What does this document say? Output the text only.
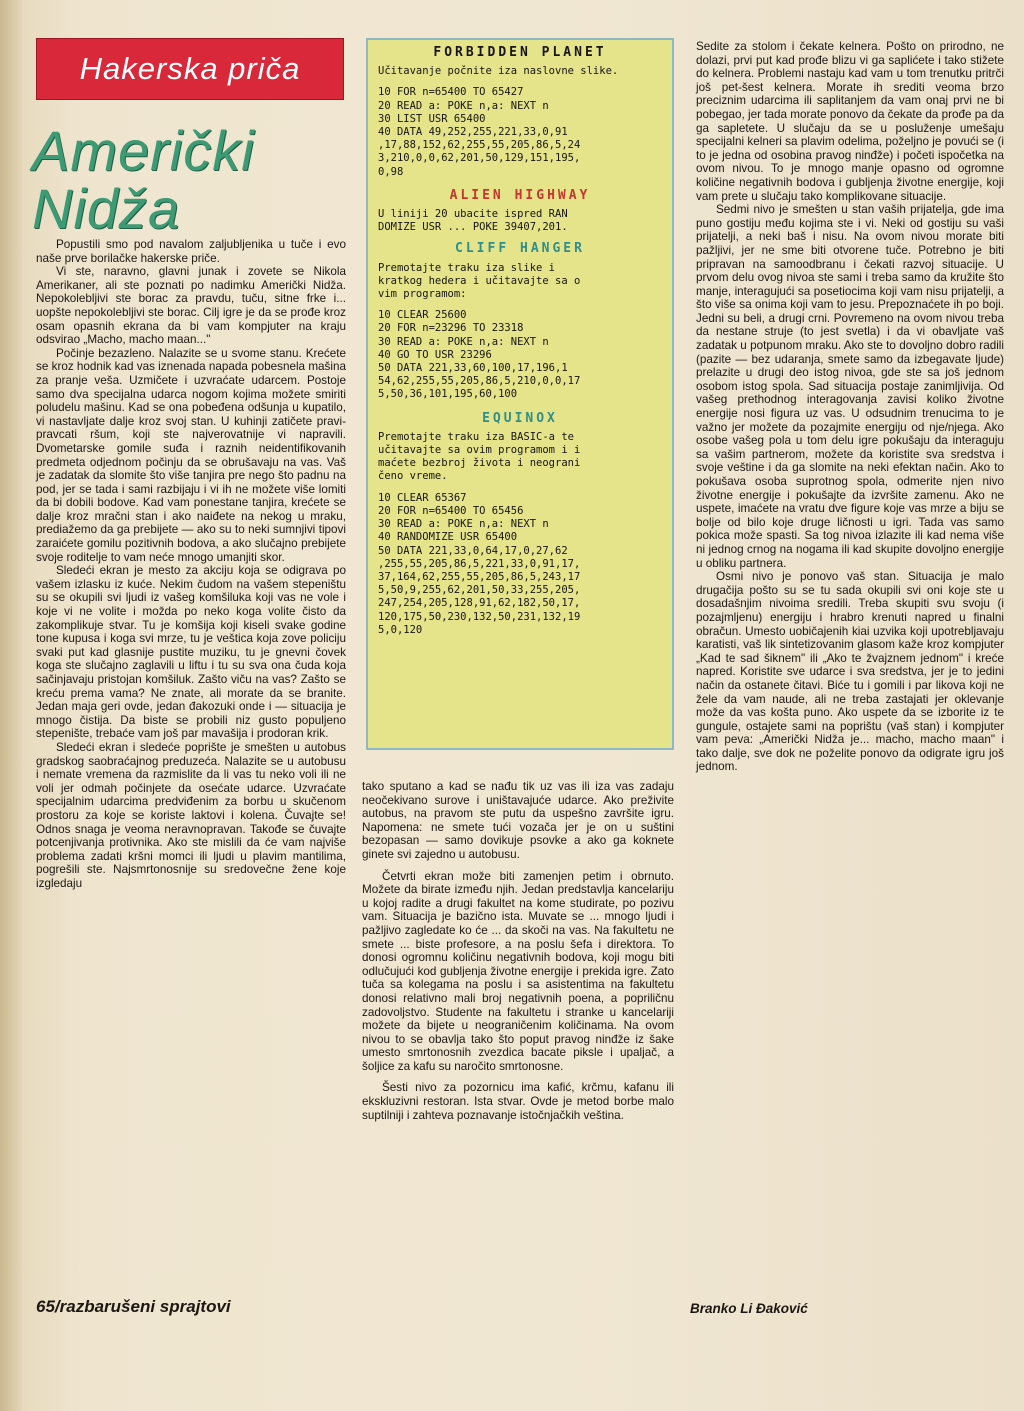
Hakerska priča
Američki
Nidža

Popustili smo pod navalom zaljubljenika u tuče i evo naše prve borilačke hakerske priče.

Vi ste, naravno, glavni junak i zovete se Nikola Amerikaner, ali ste poznati po nadimku Američki Nidža. Nepokolebljivi ste borac za pravdu, tuču, sitne frke i... uopšte nepokolebljivi ste borac. Cilj igre je da se prođe kroz osam opasnih ekrana da bi vam kompjuter na kraju odsvirao „Macho, macho maan..."

Počinje bezazleno. Nalazite se u svome stanu. Krećete se kroz hodnik kad vas iznenada napada pobesnela mašina za pranje veša. Uzmičete i uzvraćate udarcem. Postoje samo dva specijalna udarca nogom kojima možete smiriti poludelu mašinu. Kad se ona pobeđena odšunja u kupatilo, vi nastavljate dalje kroz svoj stan. U kuhinji zatičete pravi-pravcati ršum, koji ste najverovatnije vi napravili. Dvometarske gomile suđa i raznih neidentifikovanih predmeta odjednom počinju da se obrušavaju na vas. Vaš je zadatak da slomite što više tanjira pre nego što padnu na pod, jer se tada i sami razbijaju i vi ih ne možete više lomiti da bi dobili bodove. Kad vam ponestane tanjira, krećete se dalje kroz mračni stan i ako naiđete na nekog u mraku, prediažemo da ga prebijete — ako su to neki sumnjivi tipovi zaraićete gomilu pozitivnih bodova, a ako slučajno prebijete svoje roditelje to vam neće mnogo umanjiti skor.

Sledeći ekran je mesto za akciju koja se odigrava po vašem izlasku iz kuće. Nekim čudom na vašem stepeništu su se okupili svi ljudi iz vašeg komšiluka koji vas ne vole i koje vi ne volite i možda po neko koga volite čisto da zakomplikuje stvar. Tu je komšija koji kiseli svake godine tone kupusa i koga svi mrze, tu je veštica koja zove policiju svaki put kad glasnije pustite muziku, tu je gnevni čovek koga ste slučajno zaglavili u liftu i tu su sva ona čuda koja sačinjavaju pristojan komšiluk. Zašto viču na vas? Zašto se kreću prema vama? Ne znate, ali morate da se branite. Jedan maja geri ovde, jedan đakozuki onde i — situacija je mnogo čistija. Da biste se probili niz gusto populjeno stepenište, trebaće vam još par mavašija i prodoran krik.

Sledeći ekran i sledeće poprište je smešten u autobus gradskog saobraćajnog preduzeća. Nalazite se u autobusu i nemate vremena da razmislite da li vas tu neko voli ili ne voli jer odmah počinjete da osećate udarce. Uzvraćate specijalnim udarcima predviđenim za borbu u skučenom prostoru za koje se koriste laktovi i kolena. Čuvajte se! Odnos snaga je veoma neravnopravan. Takođe se čuvajte potcenjivanja protivnika. Ako ste mislili da će vam najviše problema zadati kršni momci ili ljudi u plavim mantilima, pogrešili ste. Najsmrtonosnije su sredovečne žene koje izgledaju

FORBIDDEN PLANET
Učitavanje počnite iza naslovne slike.
10 FOR n=65400 TO 65427
20 READ a: POKE n,a: NEXT n
30 LIST USR 65400
40 DATA 49,252,255,221,33,0,91
,17,88,152,62,255,55,205,86,5,24
3,210,0,0,62,201,50,129,151,195,
0,98
ALIEN HIGHWAY
U liniji 20 ubacite ispred RAN
DOMIZE USR ... POKE 39407,201.
CLIFF HANGER
Premotajte traku iza slike i
kratkog hedera i učitavajte sa o
vim programom:
10 CLEAR 25600
20 FOR n=23296 TO 23318
30 READ a: POKE n,a: NEXT n
40 GO TO USR 23296
50 DATA 221,33,60,100,17,196,1
54,62,255,55,205,86,5,210,0,0,17
5,50,36,101,195,60,100
EQUINOX
Premotajte traku iza BASIC-a te
učitavajte sa ovim programom i i
maćete bezbroj života i neograni
čeno vreme.
10 CLEAR 65367
20 FOR n=65400 TO 65456
30 READ a: POKE n,a: NEXT n
40 RANDOMIZE USR 65400
50 DATA 221,33,0,64,17,0,27,62
,255,55,205,86,5,221,33,0,91,17,
37,164,62,255,55,205,86,5,243,17
5,50,9,255,62,201,50,33,255,205,
247,254,205,128,91,62,182,50,17,
120,175,50,230,132,50,231,132,19
5,0,120

tako sputano a kad se nađu tik uz vas ili iza vas zadaju neočekivano surove i uništavajuće udarce. Ako preživite autobus, na pravom ste putu da uspešno završite igru. Napomena: ne smete tući vozača jer je on u suštini bezopasan — samo dovikuje psovke a ako ga koknete ginete svi zajedno u autobusu.

Četvrti ekran može biti zamenjen petim i obrnuto. Možete da birate između njih. Jedan predstavlja kancelariju u kojoj radite a drugi fakultet na kome studirate, po pozivu vam. Situacija je bazično ista. Muvate se ... mnogo ljudi i pažljivo zagledate ko će ... da skoči na vas. Na fakultetu ne smete ... biste profesore, a na poslu šefa i direktora. To donosi ogromnu količinu negativnih bodova, koji mogu biti odlučujući kod gubljenja životne energije i prekida igre. Zato tuča sa kolegama na poslu i sa asistentima na fakultetu donosi relativno mali broj negativnih poena, a popriličnu zadovoljstvo. Studente na fakultetu i stranke u kancelariji možete da bijete u neograničenim količinama. Na ovom nivou to se obavlja tako što poput pravog ninđže iz šake umesto smrtonosnih zvezdica bacate piksle i upaljač, a šoljice za kafu su naročito smrtonosne.

Šesti nivo za pozornicu ima kafić, krčmu, kafanu ili ekskluzivni restoran. Ista stvar. Ovde je metod borbe malo suptilniji i zahteva poznavanje istočnjačkih veština.

Sedite za stolom i čekate kelnera. Pošto on prirodno, ne dolazi, prvi put kad prođe blizu vi ga saplićete i tako stižete do kelnera. Problemi nastaju kad vam u tom trenutku pritrči još pet-šest kelnera. Morate ih srediti veoma brzo preciznim udarcima ili saplitanjem da vam onaj prvi ne bi pobegao, jer tada morate ponovo da čekate da prođe pa da ga sapletete. U slučaju da se u posluženje umešaju specijalni kelneri sa plavim odelima, poželjno je povući se (i to je jedna od osobina pravog ninđže) i početi ispočetka na ovom nivou. To je mnogo manje opasno od ogromne količine negativnih bodova i gubljenja životne energije, koji vam prete u slučaju tako komplikovane situacije.

Sedmi nivo je smešten u stan vaših prijatelja, gde ima puno gostiju među kojima ste i vi. Neki od gostiju su vaši prijatelji, a neki baš i nisu. Na ovom nivou morate biti pažljivi, jer ne sme biti otvorene tuče. Potrebno je biti pripravan na samoodbranu i čekati razvoj situacije. U prvom delu ovog nivoa ste sami i treba samo da kružite što manje, interagujući sa posetiocima koji vam nisu prijatelji, a što više sa onima koji vam to jesu. Prepoznaćete ih po boji. Jedni su beli, a drugi crni. Povremeno na ovom nivou treba da nestane struje (to jest svetla) i da vi obavljate vaš zadatak u potpunom mraku. Ako ste to dovoljno dobro radili (pazite — bez udaranja, smete samo da izbegavate ljude) prelazite u drugi deo istog nivoa, gde ste sa još jednom osobom istog spola. Sad situacija postaje zanimljivija. Od vašeg prethodnog interagovanja zavisi koliko životne energije nosi figura uz vas. U odsudnim trenucima to je važno jer možete da pozajmite energiju od nje/njega. Ako osobe vašeg pola u tom delu igre pokušaju da interaguju sa vašim partnerom, možete da koristite sva sredstva i svoje veštine i da ga slomite na neki efektan način. Ako to pokušava osoba suprotnog spola, odmerite njen nivo životne energije i pokušajte da izvršite zamenu. Ako ne uspete, imaćete na vratu dve figure koje vas mrze a biju se bolje od bilo koje druge ličnosti u igri. Tada vas samo pokica može spasti. Sa tog nivoa izlazite ili kad nema više ni jednog crnog na nogama ili kad skupite dovoljno energije u obliku partnera.

Osmi nivo je ponovo vaš stan. Situacija je malo drugačija pošto su se tu sada okupili svi oni koje ste u dosadašnjim nivoima sredili. Treba skupiti svu svoju (i pozajmljenu) energiju i hrabro krenuti napred u finalni obračun. Umesto uobičajenih kiai uzvika koji upotrebljavaju karatisti, vaš lik sintetizovanim glasom kaže kroz kompjuter „Kad te sad šiknem" ili „Ako te žvajznem jednom" i kreće napred. Koristite sve udarce i sva sredstva, jer je to jedini način da ostanete čitavi. Biće tu i gomili i par likova koji ne žele da vam naude, ali ne treba zastajati jer oklevanje može da vas košta puno. Ako uspete da se izborite iz te gungule, ostajete sami na poprištu (vaš stan) i kompjuter vam peva: „Američki Nidža je... macho, macho maan" i tako dalje, sve dok ne poželite ponovo da odigrate igru još jednom.

65/razbarušeni sprajtovi	Branko Li Đaković
